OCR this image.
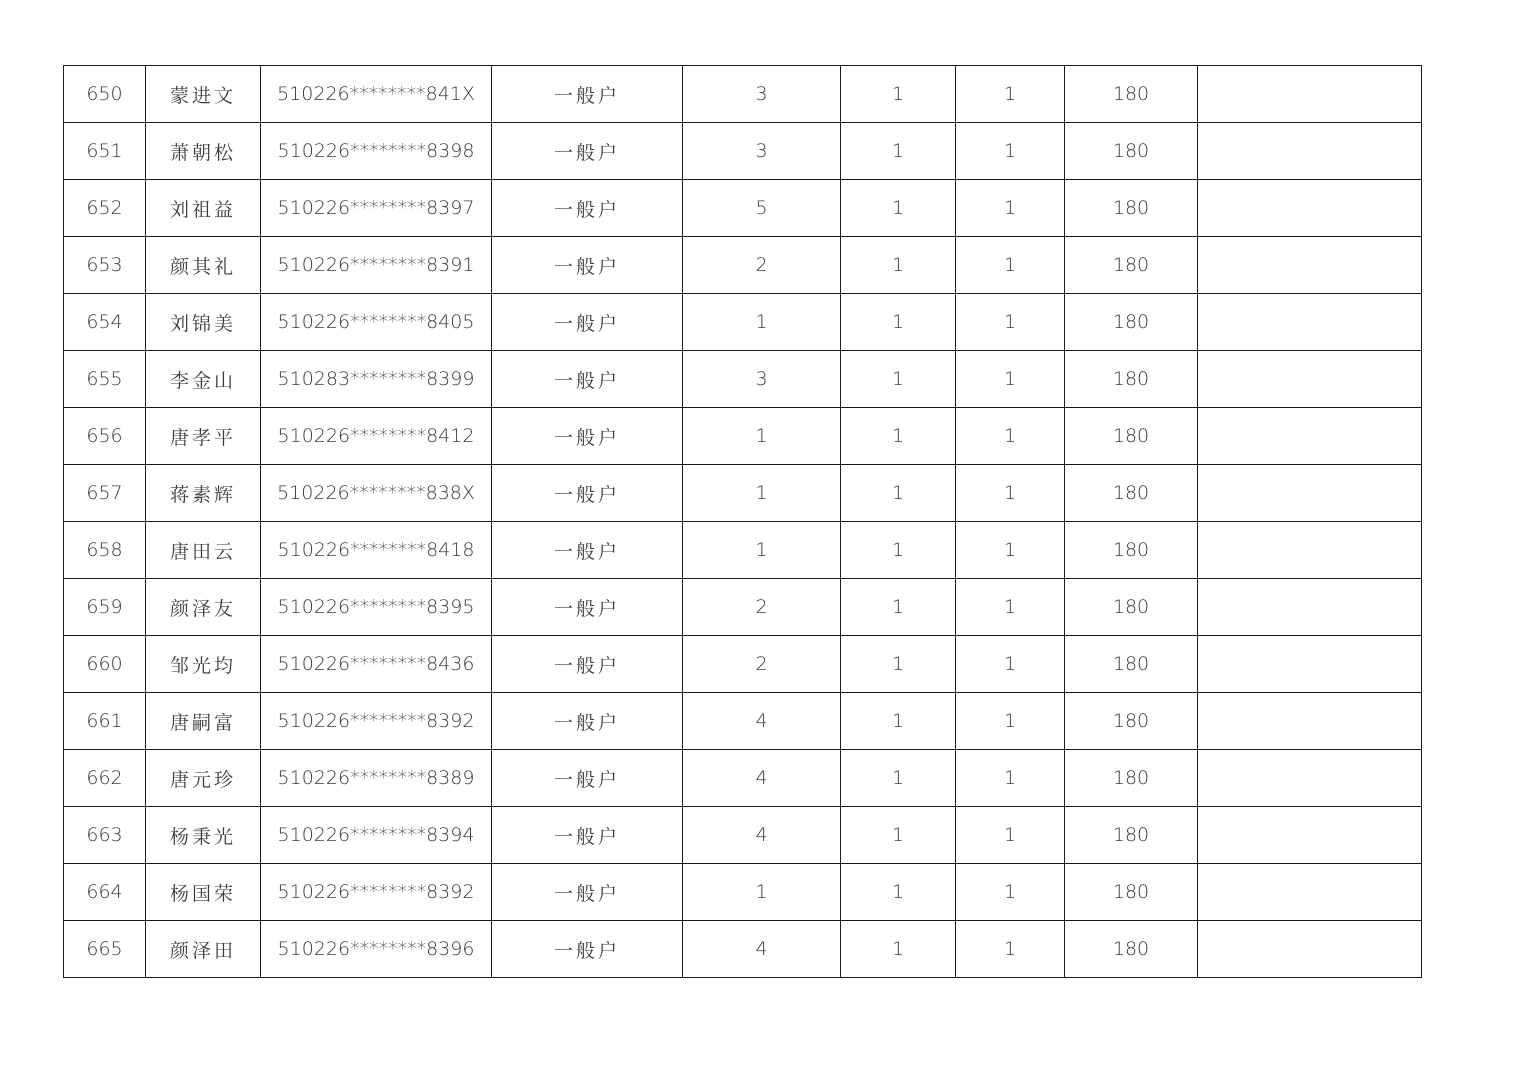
650	蒙进文	510226********841X	一般户	3	1	1	180	
651	萧朝松	510226********8398	一般户	3	1	1	180	
652	刘祖益	510226********8397	一般户	5	1	1	180	
653	颜其礼	510226********8391	一般户	2	1	1	180	
654	刘锦美	510226********8405	一般户	1	1	1	180	
655	李金山	510283********8399	一般户	3	1	1	180	
656	唐孝平	510226********8412	一般户	1	1	1	180	
657	蒋素辉	510226********838X	一般户	1	1	1	180	
658	唐田云	510226********8418	一般户	1	1	1	180	
659	颜泽友	510226********8395	一般户	2	1	1	180	
660	邹光均	510226********8436	一般户	2	1	1	180	
661	唐嗣富	510226********8392	一般户	4	1	1	180	
662	唐元珍	510226********8389	一般户	4	1	1	180	
663	杨秉光	510226********8394	一般户	4	1	1	180	
664	杨国荣	510226********8392	一般户	1	1	1	180	
665	颜泽田	510226********8396	一般户	4	1	1	180	
